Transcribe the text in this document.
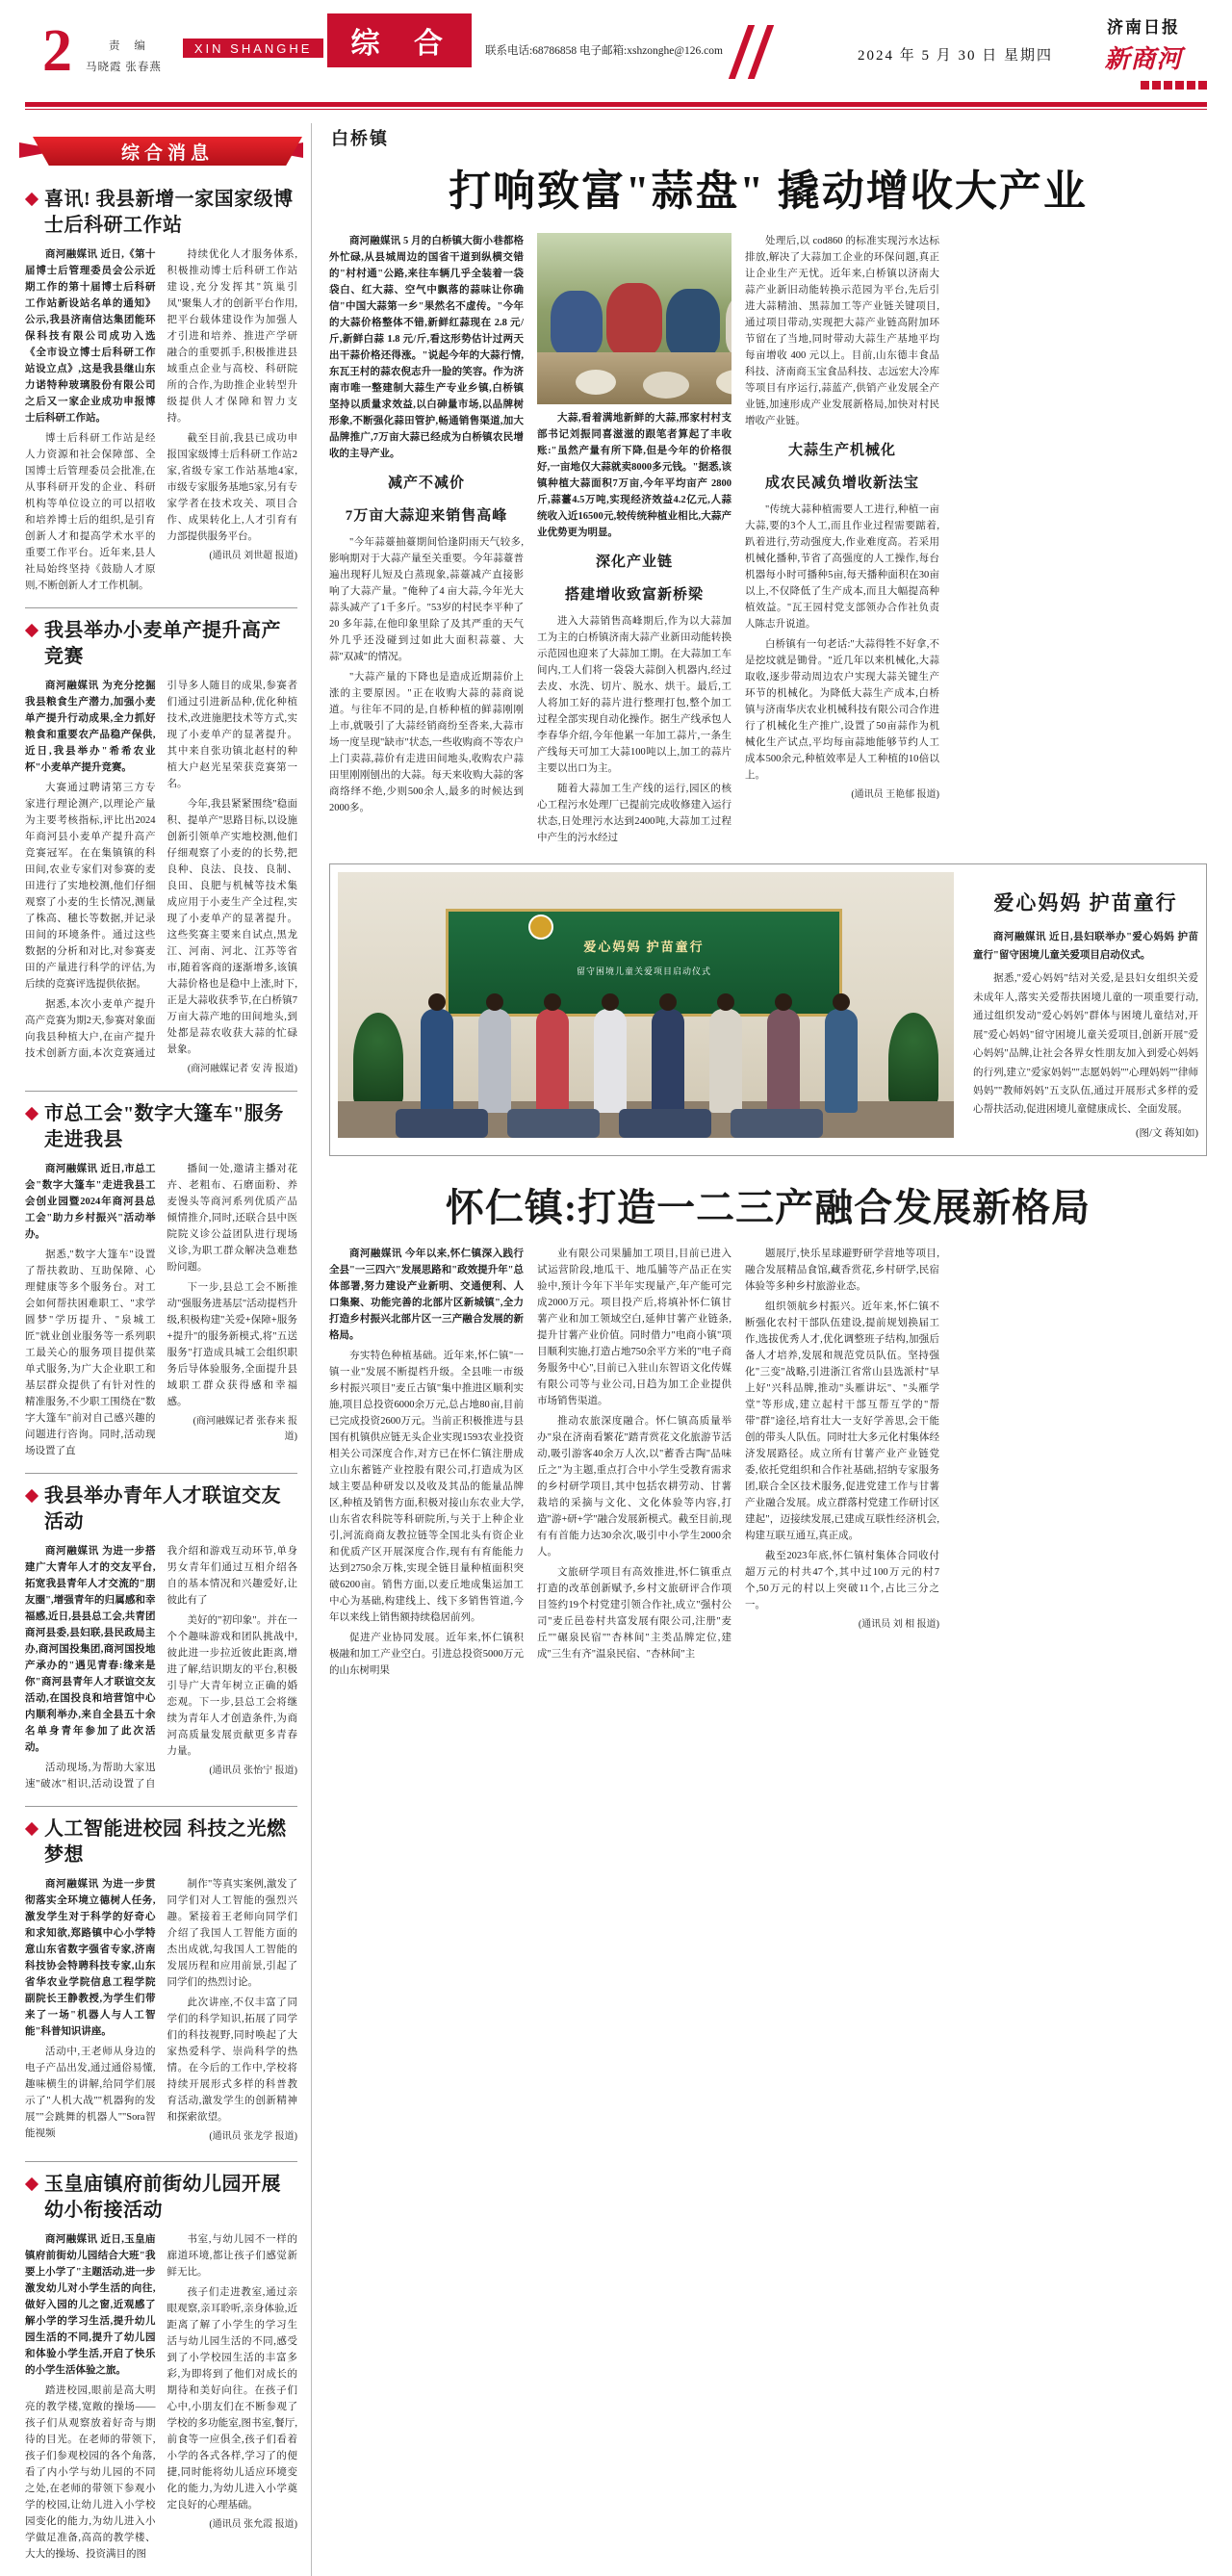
2	责 编
马晓霞 张春燕
XIN SHANGHE 综 合	联系电话:68786858 电子邮箱:xshzonghe@126.com	2024 年 5 月 30 日 星期四
济南日报
新商河
综合消息
喜讯! 我县新增一家国家级博士后科研工作站

商河融媒讯 近日,《第十届博士后管理委员会公示近期工作的第十届博士后科研工作站新设站名单的通知》公示,我县济南信达集团能环保科技有限公司成功入选《全市设立博士后科研工作站设立点》,这是我县继山东力诺特种玻璃股份有限公司之后又一家企业成功申报博士后科研工作站。

博士后科研工作站是经人力资源和社会保障部、全国博士后管理委员会批准,在从事科研开发的企业、科研机构等单位设立的可以招收和培养博士后的组织,是引育创新人才和提高学术水平的重要工作平台。近年来,县人社局始终坚持《鼓励人才原则,不断创新人才工作机制。

持续优化人才服务体系,积极推动博士后科研工作站建设,充分发挥其"筑巢引凤"聚集人才的创新平台作用,把平台载体建设作为加强人才引进和培养、推进产学研融合的重要抓手,积极推进县域重点企业与高校、科研院所的合作,为助推企业转型升级提供人才保障和智力支持。

截至目前,我县已成功申报国家级博士后科研工作站2家,省级专家工作站基地4家,市级专家服务基地5家,另有专家学者在技术攻关、项目合作、成果转化上,人才引育有力部提供服务平台。

(通讯员 刘世超 报道)

我县举办小麦单产提升高产竞赛

商河融媒讯 为充分挖掘我县粮食生产潜力,加强小麦单产提升行动成果,全力抓好粮食和重要农产品稳产保供,近日,我县举办"希希农业杯"小麦单产提升竞赛。

大赛通过聘请第三方专家进行理论测产,以理论产量为主要考核指标,评比出2024年商河县小麦单产提升高产竞赛冠军。在在集镇镇的科田间,农业专家们对参赛的麦田进行了实地校测,他们仔细观察了小麦的生长情况,测量了株高、穗长等数据,并记录田间的环境条件。通过这些数据的分析和对比,对参赛麦田的产量进行科学的评估,为后续的竞赛评选提供依据。

据悉,本次小麦单产提升高产竞赛为期2天,参赛对象面向我县种植大户,在亩产提升技术创新方面,本次竞赛通过引导多人随目的成果,参赛者们通过引进新品种,优化种植技术,改进施肥技术等方式,实现了小麦单产的显著提升。其中来自张功镇北赵村的种植大户赵光星荣获竞赛第一名。

今年,我县紧紧围绕"稳面积、提单产"思路目标,以设施创新引领单产实地校测,他们仔细观察了小麦的的长势,把良种、良法、良技、良制、良田、良肥与机械等技术集成应用于小麦生产全过程,实现了小麦单产的显著提升。这些奖赛主要来自试点,黑龙江、河南、河北、江苏等省市,随着客商的逐渐增多,该镇大蒜价格也是稳中上涨,时下,正是大蒜收获季节,在白桥镇7万亩大蒜产地的田间地头,到处都是蒜农收获大蒜的忙碌景象。

(商河融媒记者 安 涛 报道)

市总工会"数字大篷车"服务走进我县

商河融媒讯 近日,市总工会"数字大篷车"走进我县工会创业园暨2024年商河县总工会"助力乡村振兴"活动举办。

据悉,"数字大篷车"设置了帮扶救助、互助保障、心理健康等多个服务台。对工会如何帮扶困难职工、"求学圆梦"学历提升、"泉城工匠"就业创业服务等一系列职工最关心的服务项目提供菜单式服务,为广大企业职工和基层群众提供了有针对性的精准服务,不少职工围绕在"数字大篷车"前对自己感兴趣的问题进行咨询。同时,活动现场设置了直

播间一处,邀请主播对花卉、老粗布、石磨面粉、养麦馒头等商河系列优质产品倾情推介,同时,还联合县中医院院义诊公益团队进行现场义诊,为职工群众解决急难愁盼问题。

下一步,县总工会不断推动"强服务进基层"活动提档升级,积极构建"关爱+保障+服务+提升"的服务新模式,将"五送服务"打造成具城工会组织职务后导体验服务,全面提升县域职工群众获得感和幸福感。

(商河融媒记者 张春来 报道)

我县举办青年人才联谊交友活动

商河融媒讯 为进一步搭建广大青年人才的交友平台,拓宽我县青年人才交流的"朋友圈",增强青年的归属感和幸福感,近日,县县总工会,共青团商河县委,县妇联,县民政局主办,商河国投集团,商河国投地产承办的"遇见青春:缘来是你"商河县青年人才联谊交友活动,在国投良和培营馆中心内顺利举办,来自全县五十余名单身青年参加了此次活动。

活动现场,为帮助大家迅速"破冰"相识,活动设置了自我介绍和游戏互动环节,单身男女青年们通过互相介绍各自的基本情况和兴趣爱好,让彼此有了

美好的"初印象"。并在一个个趣味游戏和团队挑战中,彼此进一步拉近彼此距离,增进了解,结识期友的平台,积极引导广大青年树立正确的婚恋观。下一步,县总工会将继续为青年人才创造条件,为商河高质量发展贡献更多青春力量。

(通讯员 张怡宁 报道)

人工智能进校园 科技之光燃梦想

商河融媒讯 为进一步贯彻落实全环境立德树人任务,激发学生对于科学的好奇心和求知欲,郑路镇中心小学特意山东省数字强省专家,济南科技协会特聘科技专家,山东省华农业学院信息工程学院副院长王静教授,为学生们带来了一场"机器人与人工智能"科普知识讲座。

活动中,王老师从身边的电子产品出发,通过通俗易懂,趣味横生的讲解,给同学们展示了"人机大战""机器狗的发展""会跳舞的机器人""Sora智能视频

制作"等真实案例,激发了同学们对人工智能的强烈兴趣。紧接着王老师向同学们介绍了我国人工智能方面的杰出成就,勾我国人工智能的发展历程和应用前景,引起了同学们的热烈讨论。

此次讲座,不仅丰富了同学们的科学知识,拓展了同学们的科技视野,同时唤起了大家热爱科学、崇尚科学的热情。在今后的工作中,学校将持续开展形式多样的科普教育活动,激发学生的创新精神和探索欲望。

(通讯员 张龙学 报道)

玉皇庙镇府前街幼儿园开展幼小衔接活动

商河融媒讯 近日,玉皇庙镇府前街幼儿园结合大班"我要上小学了"主题活动,进一步激发幼儿对小学生活的向往,做好入园的儿之窗,近观感了解小学的学习生活,提升幼儿园生活的不同,提升了幼儿园和体验小学生活,开启了快乐的小学生活体验之旅。

踏进校园,眼前是高大明亮的教学楼,宽敞的操场——孩子们从观察放着好奇与期待的目光。在老师的带领下,孩子们参观校园的各个角落,看了内小学与幼儿园的不同之处,在老师的带领下参观小学的校园,让幼儿进入小学校园变化的能力,为幼儿进入小学做足准备,高高的教学楼、大大的操场、投资满目的图

书室,与幼儿园不一样的廊道环境,都让孩子们感觉新鲜无比。

孩子们走进教室,通过亲眼观察,亲耳聆听,亲身体验,近距离了解了小学生的学习生活与幼儿园生活的不同,感受到了小学校园生活的丰富多彩,为即将到了他们对成长的期待和美好向往。在孩子们心中,小朋友们在不断参观了学校的多功能室,图书室,餐厅,前食等一应俱全,孩子们看着小学的各式各样,学习了的便捷,同时能将幼儿适应环境变化的能力,为幼儿进入小学奠定良好的心理基础。

(通讯员 张允霞 报道)

白桥镇
打响致富"蒜盘" 撬动增收大产业

商河融媒讯 5 月的白桥镇大街小巷都格外忙碌,从县城周边的国省干道到纵横交错的"村村通"公路,来往车辆几乎全装着一袋袋白、红大蒜、空气中飘落的蒜味让你确信"中国大蒜第一乡"果然名不虚传。"今年的大蒜价格整体不错,新鲜红蒜现在 2.8 元/斤,新鲜白蒜 1.8 元/斤,看这形势估计过两天出干蒜价格还得涨。"说起今年的大蒜行情,东瓦王村的蒜农倪志升一脸的笑容。作为济南市唯一整建制大蒜生产专业乡镇,白桥镇坚持以质量求效益,以白砷量市场,以品牌树形象,不断强化蒜田管护,畅通销售渠道,加大品牌推广,7万亩大蒜已经成为白桥镇农民增收的主导产业。

减产不减价
7万亩大蒜迎来销售高峰

"今年蒜薹抽薹期间恰逢阴雨天气较多,影响期对于大蒜产量至关重要。今年蒜薹普遍出现籽儿短及白蒸现象,蒜薹减产直接影响了大蒜产量。"俺种了4 亩大蒜,今年光大蒜头减产了1千多斤。"53岁的村民李平种了 20 多年蒜,在他印象里除了及其严重的天气外几乎还没碰到过如此大面积蒜薹、大蒜"双减"的情况。

"大蒜产量的下降也是造成近期蒜价上涨的主要原因。"正在收购大蒜的蒜商说道。与往年不同的是,自桥种植的鲜蒜刚刚上市,就吸引了大蒜经销商纷至沓来,大蒜市场一度呈现"缺市"状态,一些收购商不等农户上门卖蒜,蒜价有走进田间地头,收购农户蒜田里刚刚刨出的大蒜。每天来收购大蒜的客商络绎不绝,少则500余人,最多的时候达到2000多。

大蒜,看着满地新鲜的大蒜,邢家村村支部书记刘振同喜滋滋的跟笔者算起了丰收账:"虽然产量有所下降,但是今年的价格很好,一亩地仅大蒜就卖8000多元钱。"据悉,该镇种植大蒜面积7万亩,今年平均亩产 2800 斤,蒜薹4.5万吨,实现经济效益4.2亿元,人蒜统收入近16500元,较传统种植业相比,大蒜产业优势更为明显。

深化产业链
搭建增收致富新桥梁

进入大蒜销售高峰期后,作为以大蒜加工为主的白桥镇济南大蒜产业新田动能转换示范园也迎来了大蒜加工期。在大蒜加工车间内,工人们将一袋袋大蒜倒入机器内,经过去皮、水洗、切片、脱水、烘干。最后,工人将加工好的蒜片进行整理打包,整个加工过程全部实现自动化操作。据生产线承包人李春华介绍,今年他累一年加工蒜片,一条生产线每天可加工大蒜100吨以上,加工的蒜片主要以出口为主。

随着大蒜加工生产线的运行,园区的核心工程污水处理厂已提前完成收修建入运行状态,日处理污水达到2400吨,大蒜加工过程中产生的污水经过

处理后,以 cod860 的标准实现污水达标排放,解决了大蒜加工企业的环保问题,真正让企业生产无忧。近年来,白桥镇以济南大蒜产业新旧动能转换示范园为平台,先后引进大蒜精油、黑蒜加工等产业链关键项目,通过项目带动,实现把大蒜产业链高附加环节留在了当地,同时带动大蒜生产基地平均每亩增收 400 元以上。目前,山东德丰食品科技、济南商玉宝食品科技、志远宏大冷库等项目有序运行,蒜蓝产,供销产业发展全产业链,加速形成产业发展新格局,加快对村民增收产业链。

大蒜生产机械化
成农民减负增收新法宝

"传统大蒜种植需要人工进行,种植一亩大蒜,要的3个人工,而且作业过程需要踮着,趴着进行,劳动强度大,作业难度高。若采用机械化播种,节省了高强度的人工操作,每台机器每小时可播种5亩,每天播种面积在30亩以上,不仅降低了生产成本,而且大幅提高种植效益。"瓦王园村党支部领办合作社负责人陈志升说道。

白桥镇有一句老话:"大蒜得牲不好拿,不是挖坟就是锄骨。"近几年以来机械化,大蒜取收,逐步带动周边农户实现大蒜关键生产环节的机械化。为降低大蒜生产成本,白桥镇与济南华庆农业机械科技有限公司合作进行了机械化生产推广,设置了50亩蒜作为机械化生产试点,平均每亩蒜地能够节约人工成本500余元,种植效率是人工种植的10倍以上。

(通讯员 王艳郁 报道)

爱心妈妈 护苗童行
留守困境儿童关爱项目启动仪式
爱心妈妈 护苗童行

商河融媒讯 近日,县妇联举办"爱心妈妈 护苗童行"留守困境儿童关爱项目启动仪式。

据悉,"爱心妈妈"结对关爱,是县妇女组织关爱未成年人,落实关爱帮扶困境儿童的一项重要行动,通过组织发动"爱心妈妈"群体与困境儿童结对,开展"爱心妈妈"留守困境儿童关爱项目,创新开展"爱心妈妈"品牌,让社会各界女性朋友加入到爱心妈妈的行列,建立"爱家妈妈""志愿妈妈""心理妈妈""律师妈妈""教师妈妈"五支队伍,通过开展形式多样的爱心帮扶活动,促进困境儿童健康成长、全面发展。

(图/文 蒋知如)

怀仁镇:打造一二三产融合发展新格局

商河融媒讯 今年以来,怀仁镇深入践行全县"一三四六"发展思路和"政效提升年"总体部署,努力建设产业新明、交通便利、人口集聚、功能完善的北部片区新城镇",全力打造乡村振兴北部片区一三产融合发展的新格局。

夯实特色种植基础。近年来,怀仁镇"一镇一业"发展不断提档升级。全县唯一市级乡村振兴项目"麦丘古镇"集中推进区顺利实施,项目总投资6000余万元,总占地80亩,目前已完成投资2600万元。当前正积极推进与县国有机镇供应链无头企业实现1593农业投资相关公司深度合作,对方已在怀仁镇注册成立山东蓄链产业控股有限公司,打造成为区域主要品种研发以及收及其品的能量品牌区,种植及销售方面,积极对接山东农业大学,山东省农科院等科研院所,与关于上种企业引,河流商商友教拉链等全国北头有资企业和优质产区开展深度合作,现有有育能能力达到2750余万株,实现全链目量种植面积突破6200亩。销售方面,以麦丘地成集运加工中心为基础,构建线上、线下多销售管道,今年以来线上销售额持续稳居前列。

促进产业协同发展。近年来,怀仁镇积极融和加工产业空白。引进总投资5000万元的山东树明果

业有限公司果脯加工项目,目前已进入试运营阶段,地瓜干、地瓜脯等产品正在实验中,预计今年下半年实现量产,年产能可完成2000万元。项目投产后,将填补怀仁镇甘薯产业和加工领域空白,延伸甘薯产业链条,提升甘薯产业价值。同时借力"电商小镇"项目顺利实施,打造占地750余平方米的"电子商务服务中心",目前已入驻山东智语文化传媒有限公司等与业公司,日趋为加工企业提供市场销售渠道。

推动农旅深度融合。怀仁镇高质量举办"泉在济南看繁花"踏青赏花文化旅游节活动,吸引游客40余万人次,以"蓄香古陶"品味丘之"为主题,重点打合中小学生受教育需求的乡村研学项目,其中包括农耕劳动、甘薯栽培的采摘与文化、文化体验等内容,打造"游+研+学"融合发展新模式。截至目前,现有有首能力达30余次,吸引中小学生2000余人。

文旅研学项目有高效推进,怀仁镇重点打造的改革创新赋予,乡村文旅研评合作项目签约19个村党建引领合作社,成立"强村公司"麦丘邑卷村共富发展有限公司,注册"麦丘""碾泉民宿""杏林间"主类品牌定位,建成"三生有齐"温泉民宿、"杏林间"主

题展厅,快乐星球避野研学营地等项目,融合发展精品食馆,藏香赏花,乡村研学,民宿体验等多种乡村旅游业态。

组织领航乡村振兴。近年来,怀仁镇不断强化农村干部队伍建设,提前规划换届工作,选拔优秀人才,优化调整班子结构,加强后备人才培养,发展和规范党员队伍。坚持强化"三变"战略,引进浙江省常山县选派村"早上好"兴科品牌,推动"头雁讲坛"、"头雁学堂"等形成,建立起村干部互帮互学的"帮带"群"途径,培育壮大一支好学善思,会干能创的带头人队伍。同时壮大多元化村集体经济发展路径。成立所有甘薯产业产业链党委,依托党组织和合作社基础,招纳专家服务团,联合全区技术服务,促进党建工作与甘薯产业融合发展。成立群落村党建工作研讨区建起"，迈接续发展,已建成互联性经济机会,构建互联互通互,真正成。

截至2023年底,怀仁镇村集体合同收付超万元的村共47个,其中过100万元的村7个,50万元的村以上突破11个,占比三分之一。

(通讯员 刘 相 报道)
